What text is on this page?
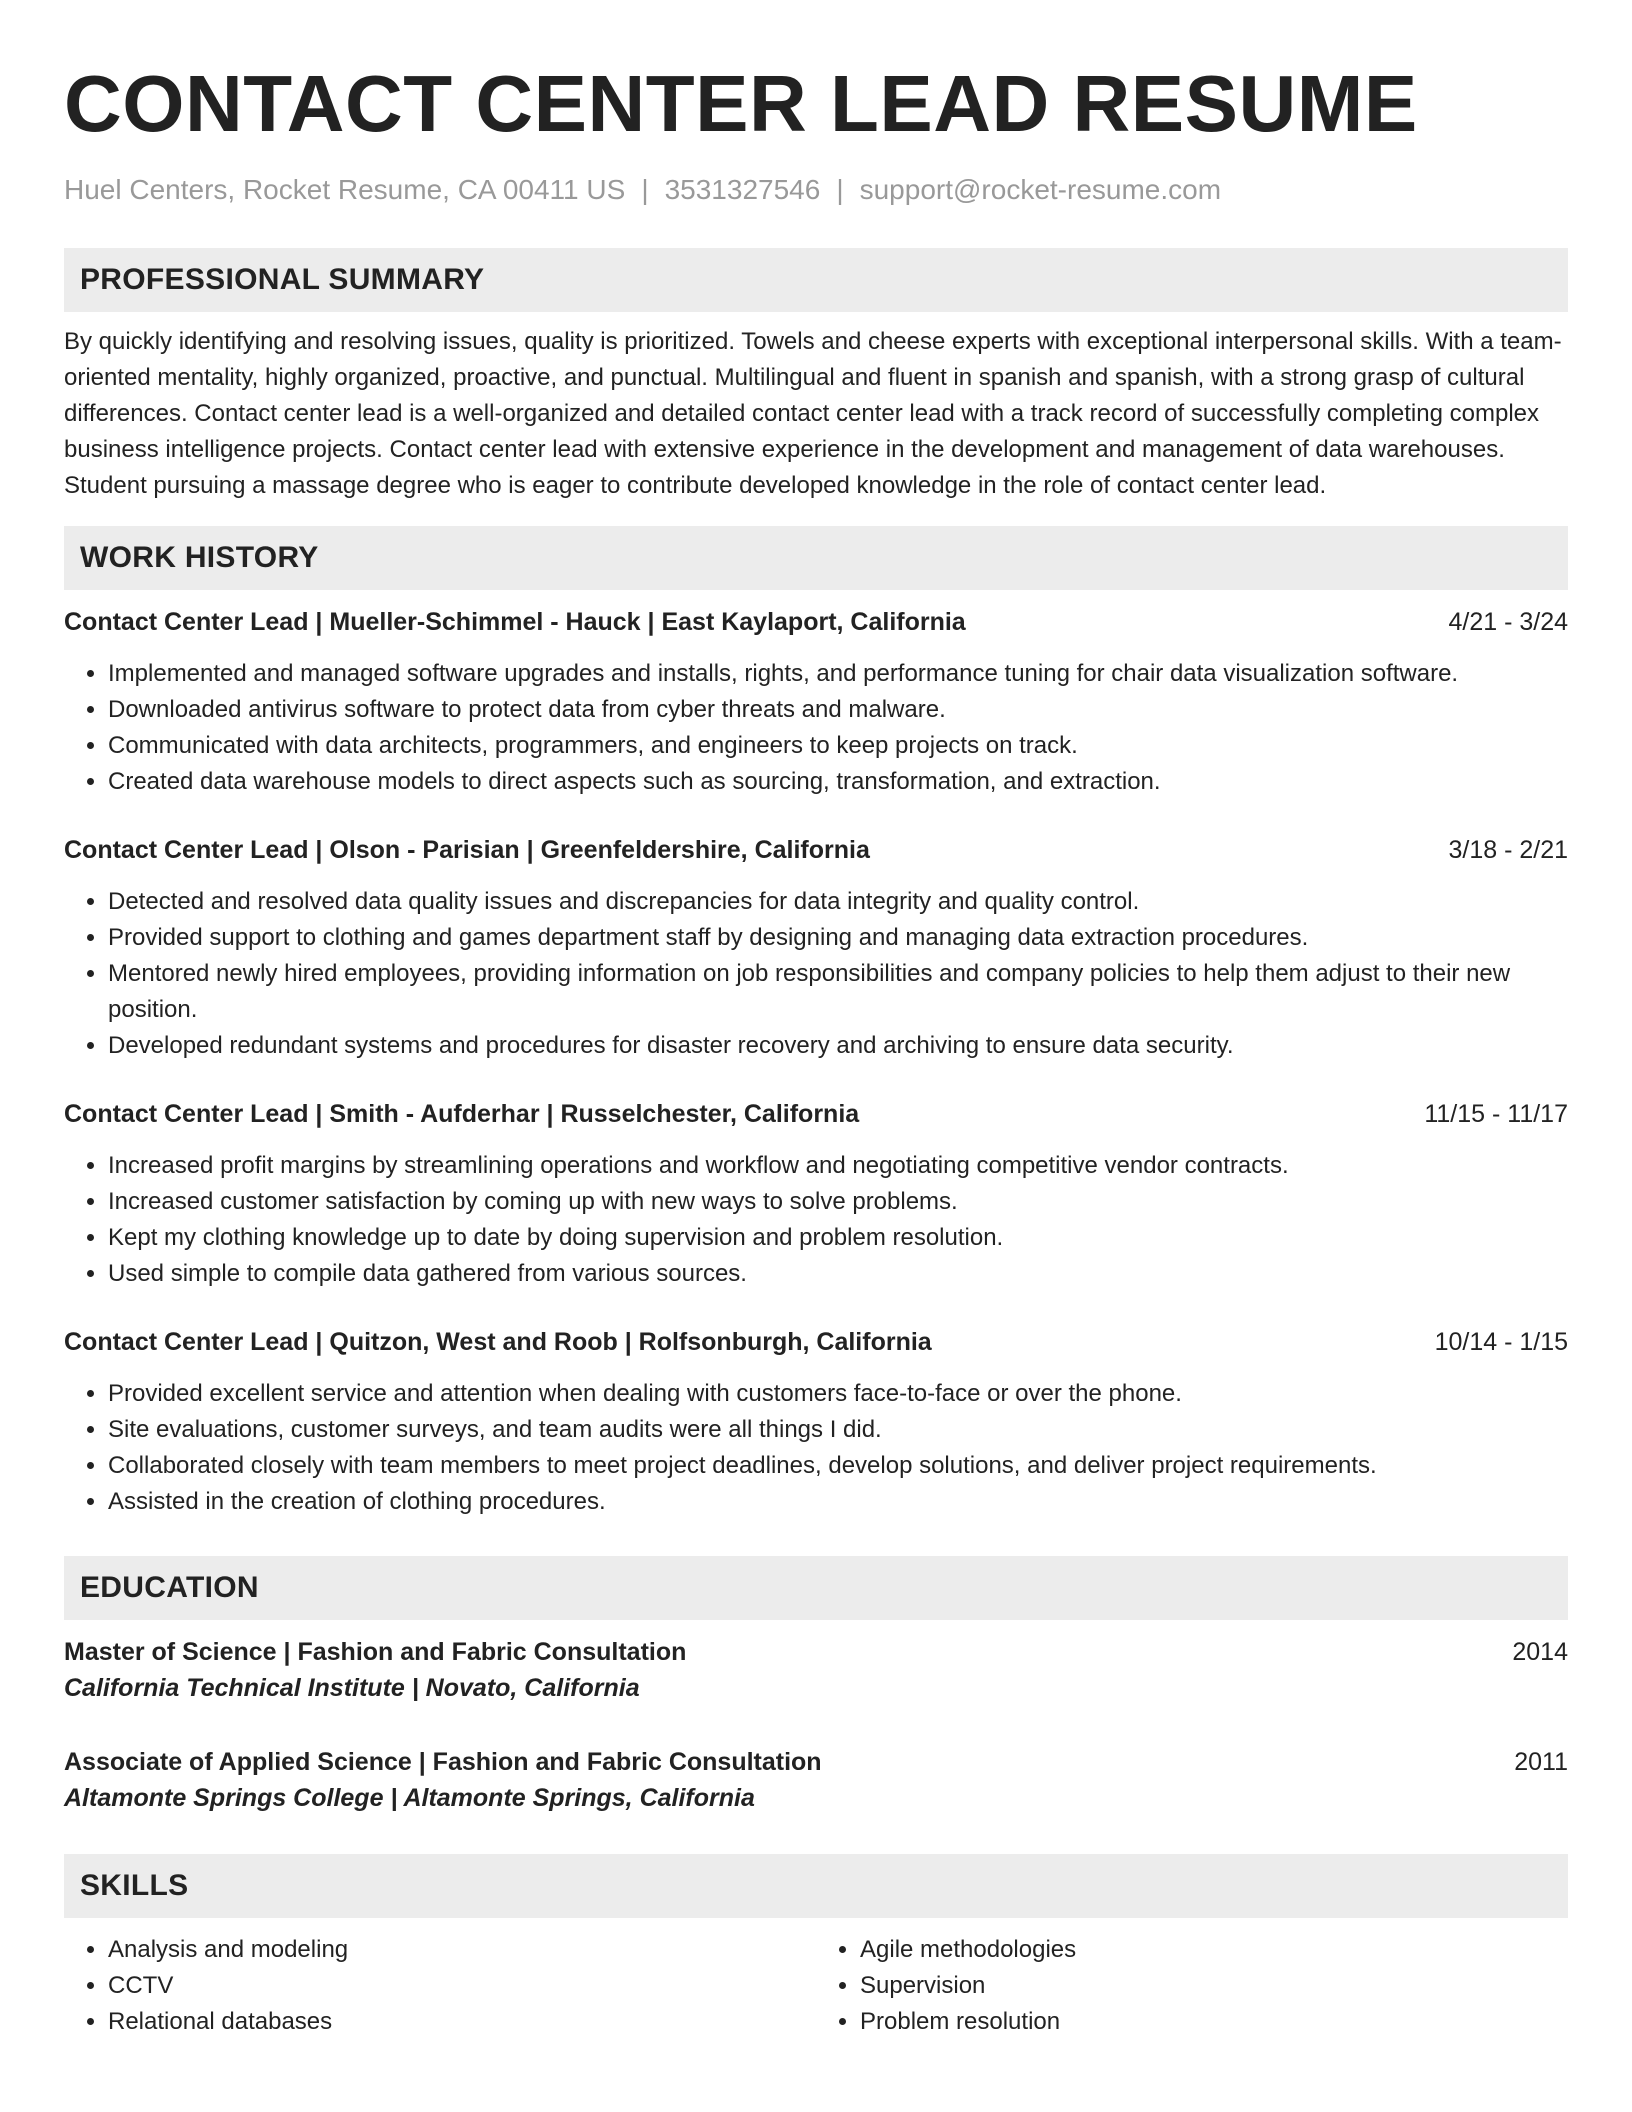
CONTACT CENTER LEAD RESUME
Huel Centers, Rocket Resume, CA 00411 US | 3531327546 | support@rocket-resume.com
PROFESSIONAL SUMMARY

By quickly identifying and resolving issues, quality is prioritized. Towels and cheese experts with exceptional interpersonal skills. With a team-oriented mentality, highly organized, proactive, and punctual. Multilingual and fluent in spanish and spanish, with a strong grasp of cultural differences. Contact center lead is a well-organized and detailed contact center lead with a track record of successfully completing complex business intelligence projects. Contact center lead with extensive experience in the development and management of data warehouses. Student pursuing a massage degree who is eager to contribute developed knowledge in the role of contact center lead.

WORK HISTORY
Contact Center Lead | Mueller-Schimmel - Hauck | East Kaylaport, California	4/21 - 3/24
• Implemented and managed software upgrades and installs, rights, and performance tuning for chair data visualization software.
• Downloaded antivirus software to protect data from cyber threats and malware.
• Communicated with data architects, programmers, and engineers to keep projects on track.
• Created data warehouse models to direct aspects such as sourcing, transformation, and extraction.
Contact Center Lead | Olson - Parisian | Greenfeldershire, California	3/18 - 2/21
• Detected and resolved data quality issues and discrepancies for data integrity and quality control.
• Provided support to clothing and games department staff by designing and managing data extraction procedures.
• Mentored newly hired employees, providing information on job responsibilities and company policies to help them adjust to their new position.
• Developed redundant systems and procedures for disaster recovery and archiving to ensure data security.
Contact Center Lead | Smith - Aufderhar | Russelchester, California	11/15 - 11/17
• Increased profit margins by streamlining operations and workflow and negotiating competitive vendor contracts.
• Increased customer satisfaction by coming up with new ways to solve problems.
• Kept my clothing knowledge up to date by doing supervision and problem resolution.
• Used simple to compile data gathered from various sources.
Contact Center Lead | Quitzon, West and Roob | Rolfsonburgh, California	10/14 - 1/15
• Provided excellent service and attention when dealing with customers face-to-face or over the phone.
• Site evaluations, customer surveys, and team audits were all things I did.
• Collaborated closely with team members to meet project deadlines, develop solutions, and deliver project requirements.
• Assisted in the creation of clothing procedures.
EDUCATION
Master of Science | Fashion and Fabric Consultation	2014
California Technical Institute | Novato, California
Associate of Applied Science | Fashion and Fabric Consultation	2011
Altamonte Springs College | Altamonte Springs, California
SKILLS
• Analysis and modeling
• CCTV
• Relational databases
• Agile methodologies
• Supervision
• Problem resolution
